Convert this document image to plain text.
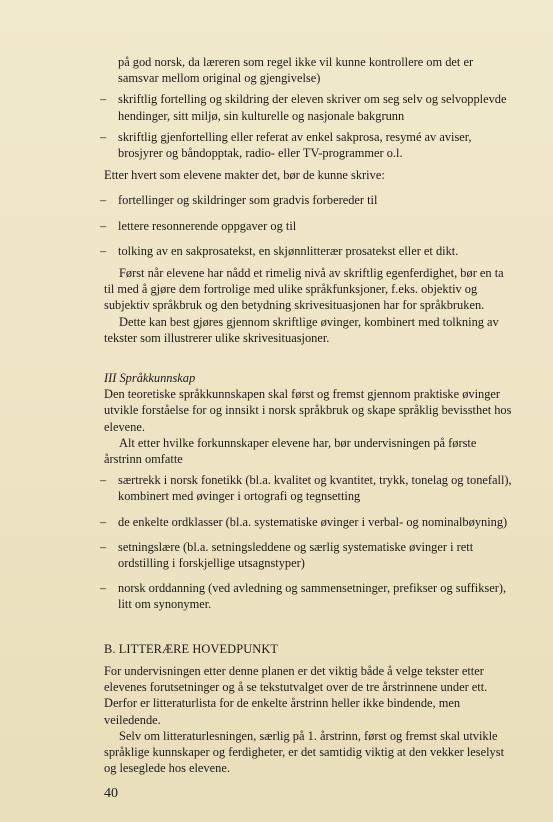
på god norsk, da læreren som regel ikke vil kunne kontrollere om det er samsvar mellom original og gjengivelse)

– skriftlig fortelling og skildring der eleven skriver om seg selv og selvopplevde hendinger, sitt miljø, sin kulturelle og nasjonale bakgrunn
– skriftlig gjenfortelling eller referat av enkel sakprosa, resymé av aviser, brosjyrer og båndopptak, radio- eller TV-programmer o.l.

Etter hvert som elevene makter det, bør de kunne skrive:

– fortellinger og skildringer som gradvis forbereder til
– lettere resonnerende oppgaver og til
– tolking av en sakprosatekst, en skjønnlitterær prosatekst eller et dikt.

Først når elevene har nådd et rimelig nivå av skriftlig egenferdighet, bør en ta til med å gjøre dem fortrolige med ulike språkfunksjoner, f.eks. objektiv og subjektiv språkbruk og den betydning skrivesituasjonen har for språkbruken.

Dette kan best gjøres gjennom skriftlige øvinger, kombinert med tolkning av tekster som illustrerer ulike skrivesituasjoner.

III Språkkunnskap

Den teoretiske språkkunnskapen skal først og fremst gjennom praktiske øvinger utvikle forståelse for og innsikt i norsk språkbruk og skape språklig bevissthet hos elevene.

Alt etter hvilke forkunnskaper elevene har, bør undervisningen på første årstrinn omfatte

– særtrekk i norsk fonetikk (bl.a. kvalitet og kvantitet, trykk, tonelag og tonefall), kombinert med øvinger i ortografi og tegnsetting
– de enkelte ordklasser (bl.a. systematiske øvinger i verbal- og nominalbøyning)
– setningslære (bl.a. setningsleddene og særlig systematiske øvinger i rett ordstilling i forskjellige utsagnstyper)
– norsk orddanning (ved avledning og sammensetninger, prefikser og suffikser), litt om synonymer.

B. LITTERÆRE HOVEDPUNKT

For undervisningen etter denne planen er det viktig både å velge tekster etter elevenes forutsetninger og å se tekstutvalget over de tre årstrinnene under ett. Derfor er litteraturlista for de enkelte årstrinn heller ikke bindende, men veiledende.

Selv om litteraturlesningen, særlig på 1. årstrinn, først og fremst skal utvikle språklige kunnskaper og ferdigheter, er det samtidig viktig at den vekker leselyst og leseglede hos elevene.

40
